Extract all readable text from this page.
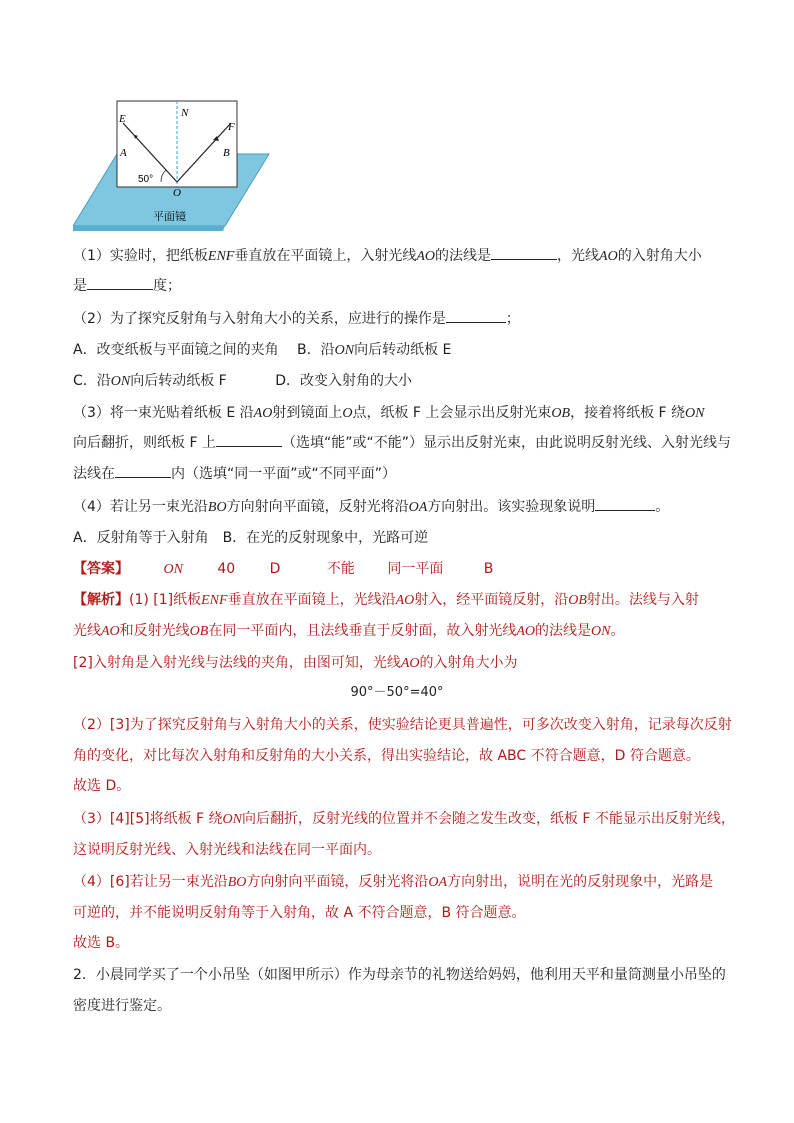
E	N
F
A	B
O
50°
平面镜
（1）实验时，把纸板ENF垂直放在平面镜上，入射光线AO的法线是	，光线AO的入射角大小
是	度；
（2）为了探究反射角与入射角大小的关系，应进行的操作是	；
A．改变纸板与平面镜之间的夹角 B．沿ON向后转动纸板 E
C．沿ON向后转动纸板 F	D．改变入射角的大小
（3）将一束光贴着纸板 E 沿AO射到镜面上O点，纸板 F 上会显示出反射光束OB，接着将纸板 F 绕ON
向后翻折，则纸板 F 上	（选填“能”或“不能”）显示出反射光束，由此说明反射光线、入射光线与
法线在	内（选填“同一平面”或“不同平面”）
（4）若让另一束光沿BO方向射向平面镜，反射光将沿OA方向射出。该实验现象说明	。
A．反射角等于入射角　B．在光的反射现象中，光路可逆
【答案】 ON 40 D	不能 同一平面	B
【解析】(1) [1]纸板ENF垂直放在平面镜上，光线沿AO射入，经平面镜反射，沿OB射出。法线与入射
光线AO和反射光线OB在同一平面内，且法线垂直于反射面，故入射光线AO的法线是ON。
[2]入射角是入射光线与法线的夹角，由图可知，光线AO的入射角大小为
90°－50°=40°
（2）[3]为了探究反射角与入射角大小的关系，使实验结论更具普遍性，可多次改变入射角，记录每次反射
角的变化，对比每次入射角和反射角的大小关系，得出实验结论，故 ABC 不符合题意，D 符合题意。
故选 D。
（3）[4][5]将纸板 F 绕ON向后翻折，反射光线的位置并不会随之发生改变，纸板 F 不能显示出反射光线，
这说明反射光线、入射光线和法线在同一平面内。
（4）[6]若让另一束光沿BO方向射向平面镜，反射光将沿OA方向射出，说明在光的反射现象中，光路是
可逆的，并不能说明反射角等于入射角，故 A 不符合题意，B 符合题意。
故选 B。
2．小晨同学买了一个小吊坠（如图甲所示）作为母亲节的礼物送给妈妈，他利用天平和量筒测量小吊坠的
密度进行鉴定。
